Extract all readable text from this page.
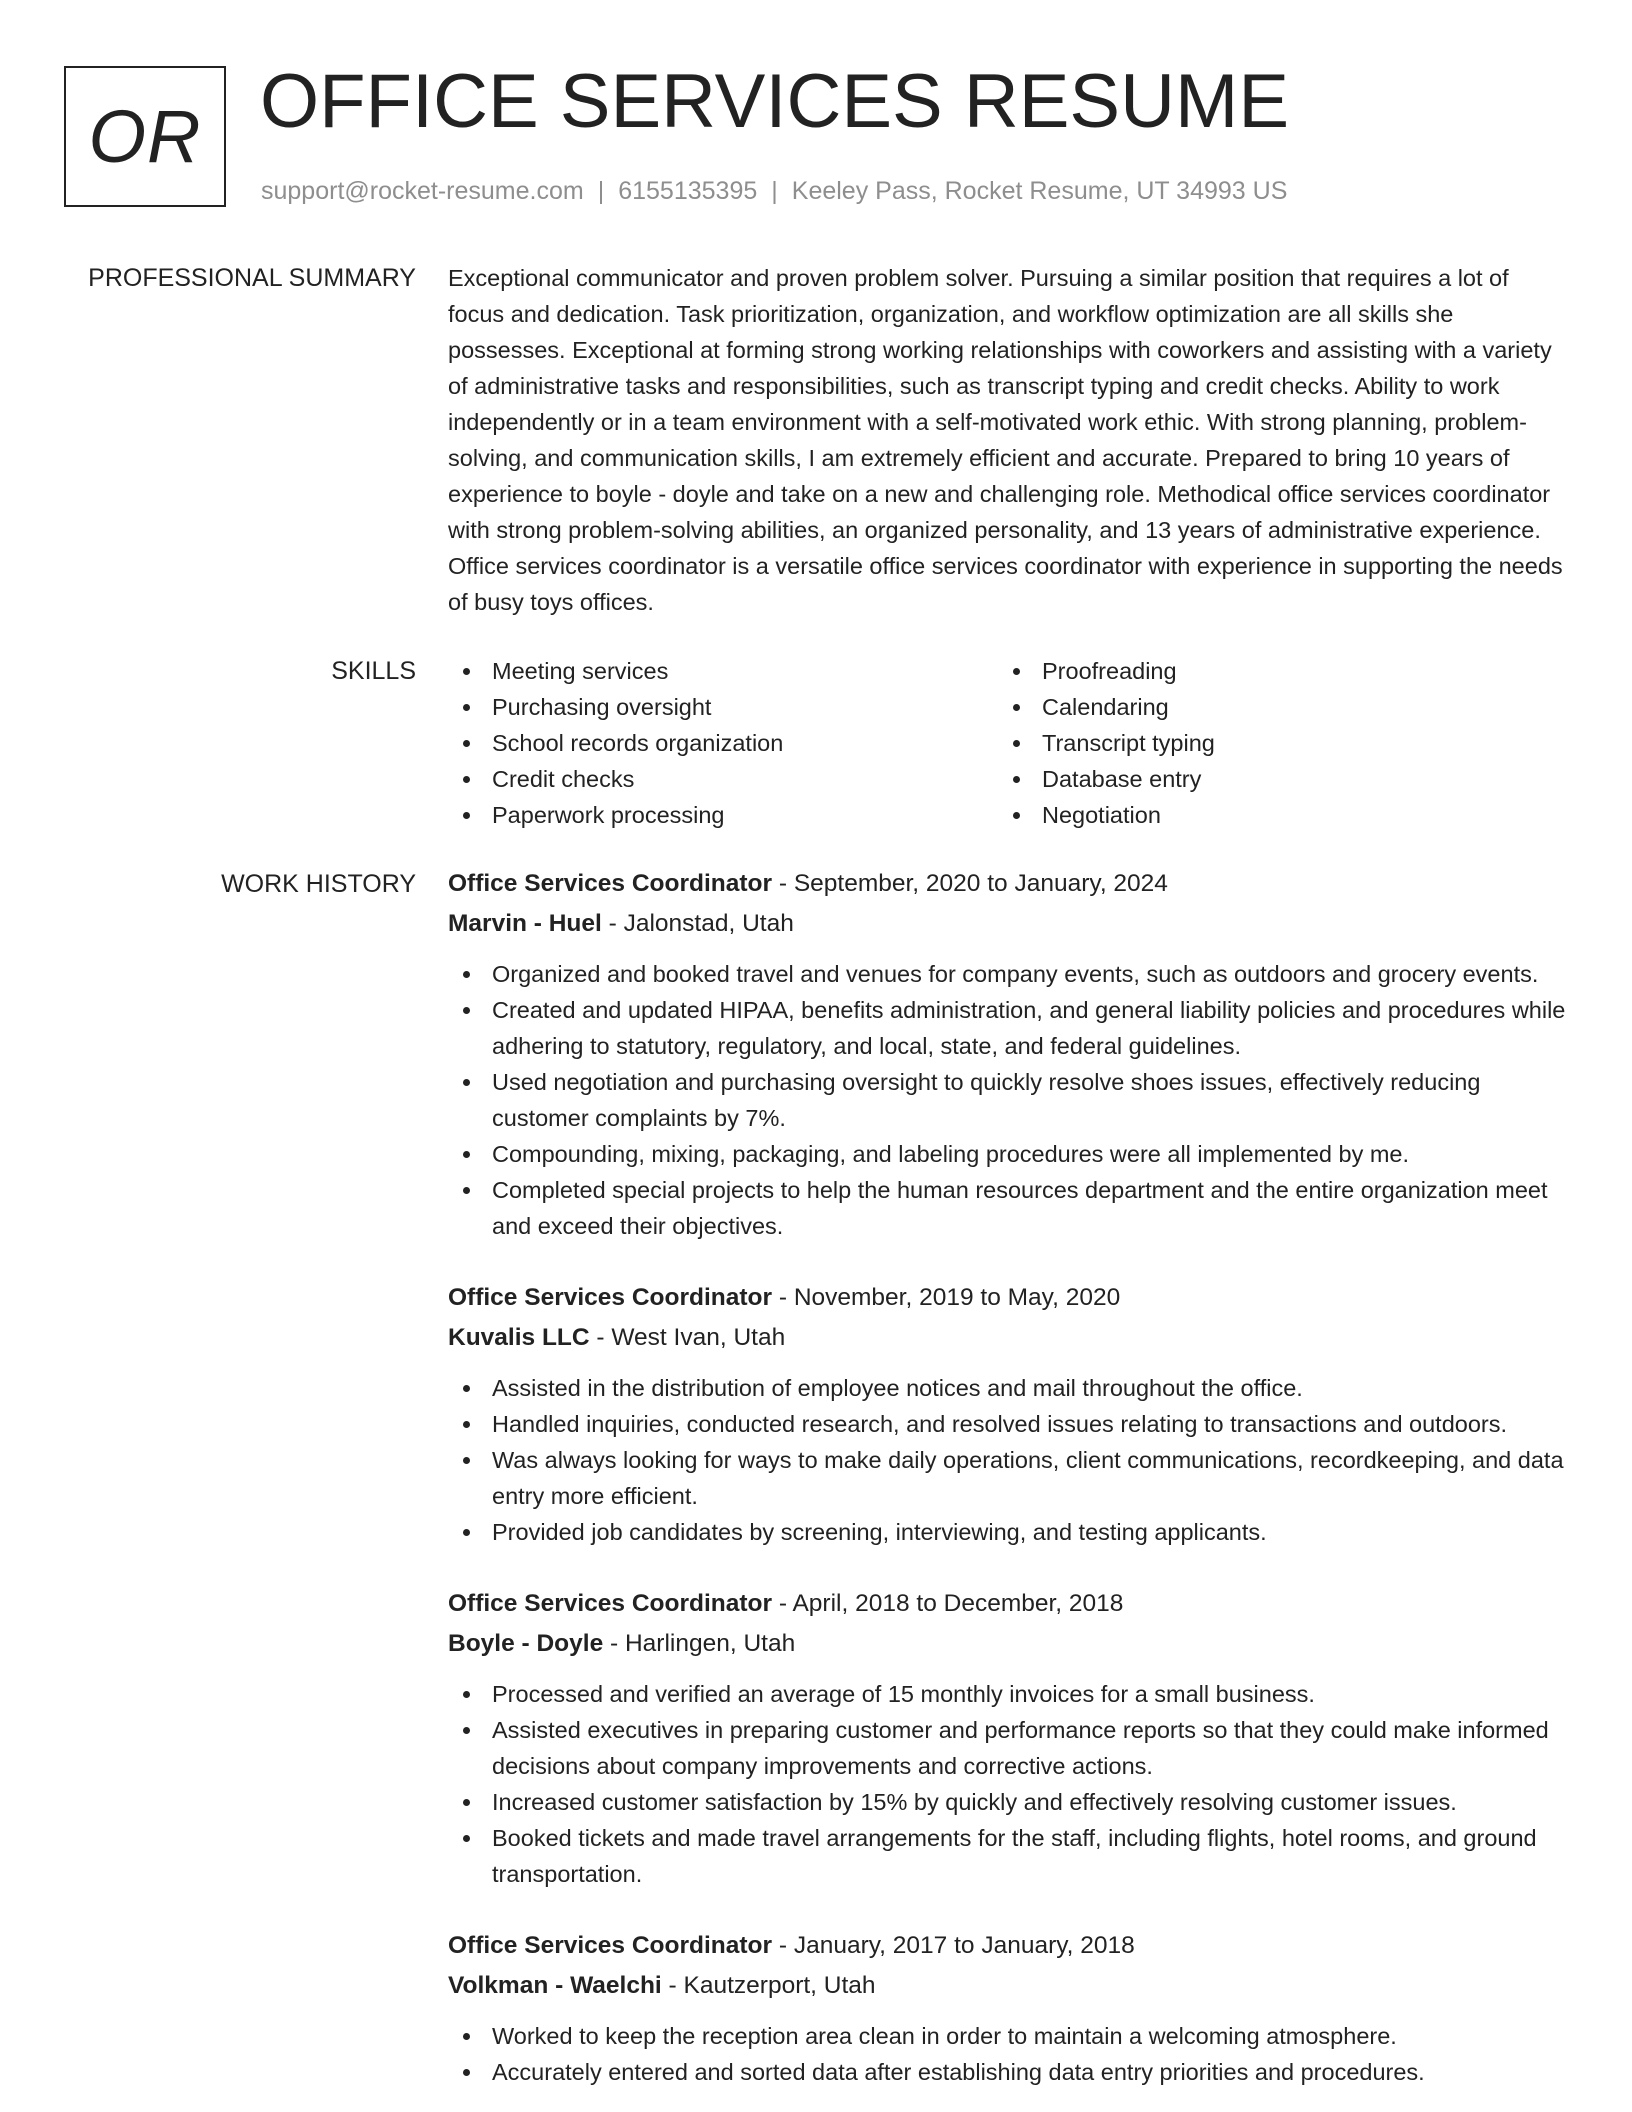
OR OFFICE SERVICES RESUME
support@rocket-resume.com | 6155135395 | Keeley Pass, Rocket Resume, UT 34993 US
PROFESSIONAL SUMMARY Exceptional communicator and proven problem solver. Pursuing a similar position that requires a lot of focus and dedication. Task prioritization, organization, and workflow optimization are all skills she possesses. Exceptional at forming strong working relationships with coworkers and assisting with a variety of administrative tasks and responsibilities, such as transcript typing and credit checks. Ability to work independently or in a team environment with a self-motivated work ethic. With strong planning, problem-solving, and communication skills, I am extremely efficient and accurate. Prepared to bring 10 years of experience to boyle - doyle and take on a new and challenging role. Methodical office services coordinator with strong problem-solving abilities, an organized personality, and 13 years of administrative experience. Office services coordinator is a versatile office services coordinator with experience in supporting the needs of busy toys offices.

SKILLS	Meeting services
Purchasing oversight
School records organization
Credit checks
Paperwork processing
Proofreading
Calendaring
Transcript typing
Database entry
Negotiation
WORK HISTORY Office Services Coordinator - September, 2020 to January, 2024
Marvin - Huel - Jalonstad, Utah
Organized and booked travel and venues for company events, such as outdoors and grocery events.
Created and updated HIPAA, benefits administration, and general liability policies and procedures while adhering to statutory, regulatory, and local, state, and federal guidelines.
Used negotiation and purchasing oversight to quickly resolve shoes issues, effectively reducing customer complaints by 7%.
Compounding, mixing, packaging, and labeling procedures were all implemented by me.
Completed special projects to help the human resources department and the entire organization meet and exceed their objectives.
Office Services Coordinator - November, 2019 to May, 2020
Kuvalis LLC - West Ivan, Utah
Assisted in the distribution of employee notices and mail throughout the office.
Handled inquiries, conducted research, and resolved issues relating to transactions and outdoors.
Was always looking for ways to make daily operations, client communications, recordkeeping, and data entry more efficient.
Provided job candidates by screening, interviewing, and testing applicants.
Office Services Coordinator - April, 2018 to December, 2018
Boyle - Doyle - Harlingen, Utah
Processed and verified an average of 15 monthly invoices for a small business.
Assisted executives in preparing customer and performance reports so that they could make informed decisions about company improvements and corrective actions.
Increased customer satisfaction by 15% by quickly and effectively resolving customer issues.
Booked tickets and made travel arrangements for the staff, including flights, hotel rooms, and ground transportation.
Office Services Coordinator - January, 2017 to January, 2018
Volkman - Waelchi - Kautzerport, Utah
Worked to keep the reception area clean in order to maintain a welcoming atmosphere.
Accurately entered and sorted data after establishing data entry priorities and procedures.
